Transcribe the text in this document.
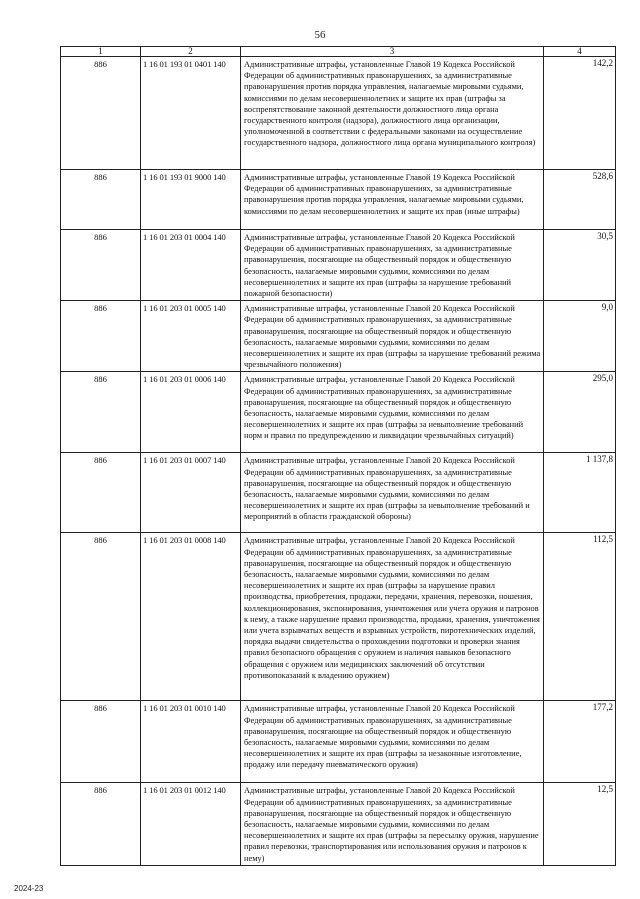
56
1	2	3	4
886	1 16 01 193 01 0401 140	Административные штрафы, установленные Главой 19 Кодекса Российской Федерации об административных правонарушениях, за административные правонарушения против порядка управления, налагаемые мировыми судьями, комиссиями по делам несовершеннолетних и защите их прав (штрафы за воспрепятствование законной деятельности должностного лица органа государственного контроля (надзора), должностного лица организации, уполномоченной в соответствии с федеральными законами на осуществление государственного надзора, должностного лица органа муниципального контроля)	142,2
886	1 16 01 193 01 9000 140	Административные штрафы, установленные Главой 19 Кодекса Российской Федерации об административных правонарушениях, за административные правонарушения против порядка управления, налагаемые мировыми судьями, комиссиями по делам несовершеннолетних и защите их прав (иные штрафы)	528,6
886	1 16 01 203 01 0004 140	Административные штрафы, установленные Главой 20 Кодекса Российской Федерации об административных правонарушениях, за административные правонарушения, посягающие на общественный порядок и общественную безопасность, налагаемые мировыми судьями, комиссиями по делам несовершеннолетних и защите их прав (штрафы за нарушение требований пожарной безопасности)	30,5
886	1 16 01 203 01 0005 140	Административные штрафы, установленные Главой 20 Кодекса Российской Федерации об административных правонарушениях, за административные правонарушения, посягающие на общественный порядок и общественную безопасность, налагаемые мировыми судьями, комиссиями по делам несовершеннолетних и защите их прав (штрафы за нарушение требований режима чрезвычайного положения)	9,0
886	1 16 01 203 01 0006 140	Административные штрафы, установленные Главой 20 Кодекса Российской Федерации об административных правонарушениях, за административные правонарушения, посягающие на общественный порядок и общественную безопасность, налагаемые мировыми судьями, комиссиями по делам несовершеннолетних и защите их прав (штрафы за невыполнение требований норм и правил по предупреждению и ликвидации чрезвычайных ситуаций)	295,0
886	1 16 01 203 01 0007 140	Административные штрафы, установленные Главой 20 Кодекса Российской Федерации об административных правонарушениях, за административные правонарушения, посягающие на общественный порядок и общественную безопасность, налагаемые мировыми судьями, комиссиями по делам несовершеннолетних и защите их прав (штрафы за невыполнение требований и мероприятий в области гражданской обороны)	1 137,8
886	1 16 01 203 01 0008 140	Административные штрафы, установленные Главой 20 Кодекса Российской Федерации об административных правонарушениях, за административные правонарушения, посягающие на общественный порядок и общественную безопасность, налагаемые мировыми судьями, комиссиями по делам несовершеннолетних и защите их прав (штрафы за нарушение правил производства, приобретения, продажи, передачи, хранения, перевозки, ношения, коллекционирования, экспонирования, уничтожения или учета оружия и патронов к нему, а также нарушение правил производства, продажи, хранения, уничтожения или учета взрывчатых веществ и взрывных устройств, пиротехнических изделий, порядка выдачи свидетельства о прохождении подготовки и проверки знания правил безопасного обращения с оружием и наличия навыков безопасного обращения с оружием или медицинских заключений об отсутствии противопоказаний к владению оружием)	112,5
886	1 16 01 203 01 0010 140	Административные штрафы, установленные Главой 20 Кодекса Российской Федерации об административных правонарушениях, за административные правонарушения, посягающие на общественный порядок и общественную безопасность, налагаемые мировыми судьями, комиссиями по делам несовершеннолетних и защите их прав (штрафы за незаконные изготовление, продажу или передачу пневматического оружия)	177,2
886	1 16 01 203 01 0012 140	Административные штрафы, установленные Главой 20 Кодекса Российской Федерации об административных правонарушениях, за административные правонарушения, посягающие на общественный порядок и общественную безопасность, налагаемые мировыми судьями, комиссиями по делам несовершеннолетних и защите их прав (штрафы за пересылку оружия, нарушение правил перевозки, транспортирования или использования оружия и патронов к нему)	12,5
2024-23
